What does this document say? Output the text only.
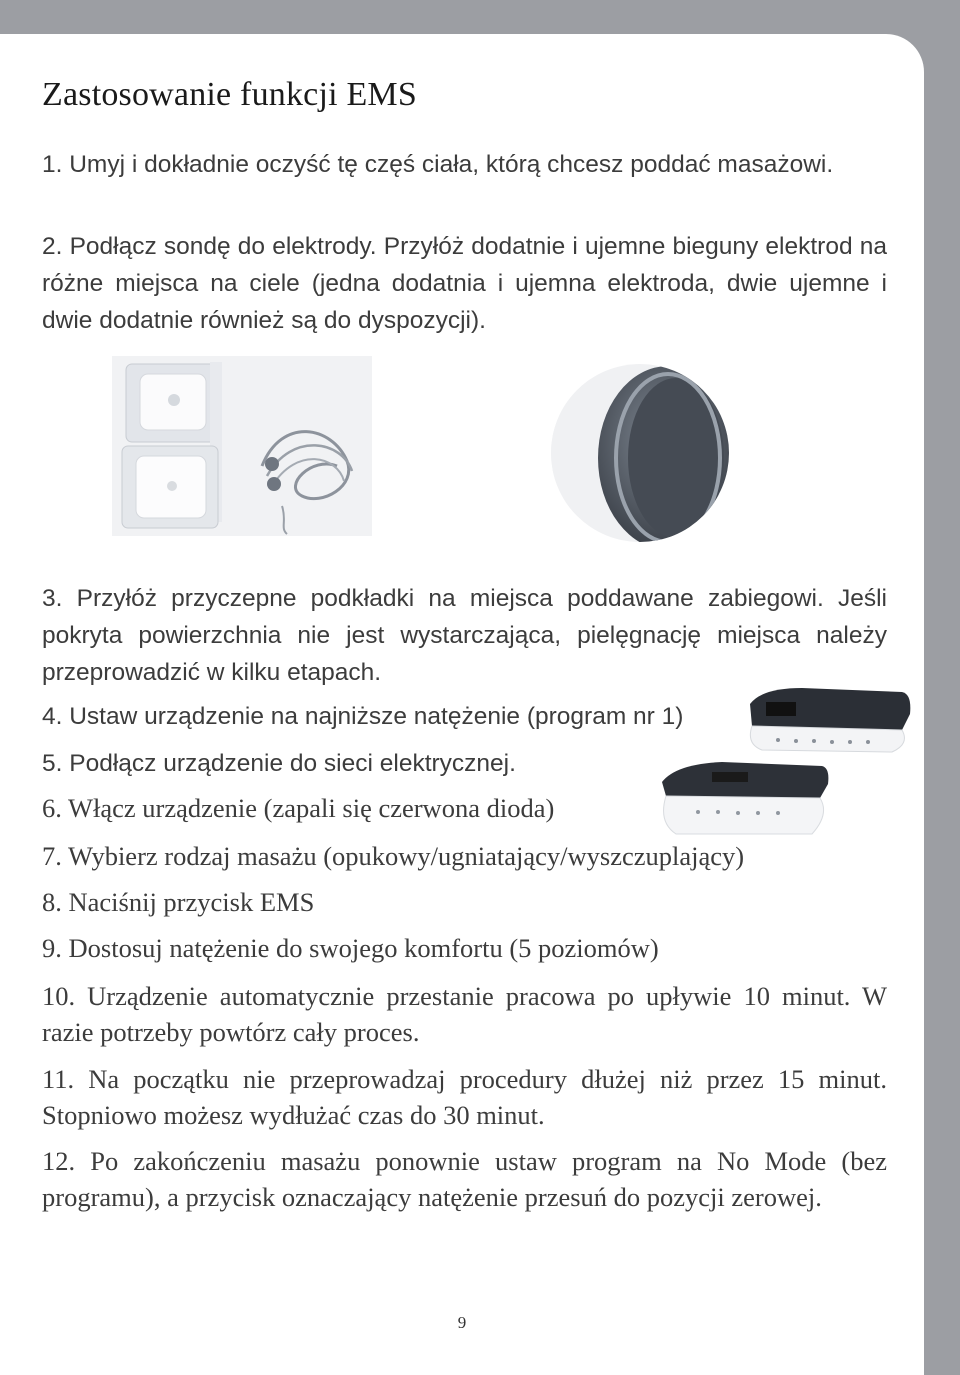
Zastosowanie funkcji EMS

1. Umyj i dokładnie oczyść tę częś ciała, którą chcesz poddać masażowi.

2. Podłącz sondę do elektrody. Przyłóż dodatnie i ujemne bieguny elektrod na różne miejsca na ciele (jedna dodatnia i ujemna elektroda, dwie ujemne i dwie dodatnie również są do dyspozycji).

3. Przyłóż przyczepne podkładki na miejsca poddawane zabiegowi. Jeśli pokryta powierzchnia nie jest wystarczająca, pielęgnację miejsca należy przeprowadzić w kilku etapach.

4. Ustaw urządzenie na najniższe natężenie (program nr 1)

5. Podłącz urządzenie do sieci elektrycznej.

6. Włącz urządzenie (zapali się czerwona dioda)

7. Wybierz rodzaj masażu (opukowy/ugniatający/wyszczuplający)

8. Naciśnij przycisk EMS

9. Dostosuj natężenie do swojego komfortu (5 poziomów)

10. Urządzenie automatycznie przestanie pracowa po upływie 10 minut. W razie potrzeby powtórz cały proces.

11. Na początku nie przeprowadzaj procedury dłużej niż przez 15 minut. Stopniowo możesz wydłużać czas do 30 minut.

12. Po zakończeniu masażu ponownie ustaw program na No Mode (bez programu), a przycisk oznaczający natężenie przesuń do pozycji zerowej.

9
